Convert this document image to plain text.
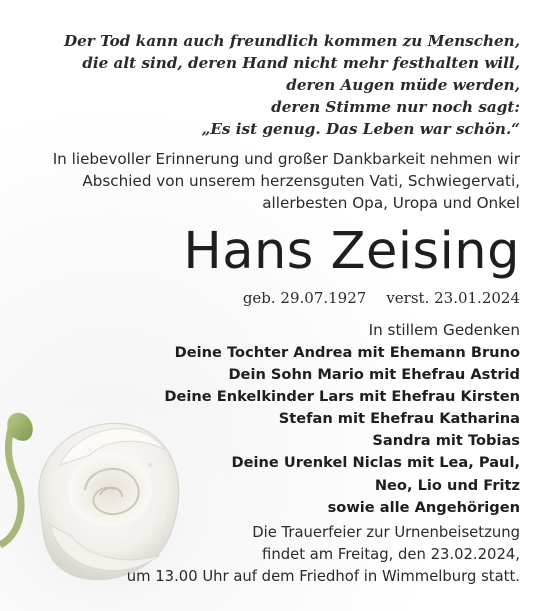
Der Tod kann auch freundlich kommen zu Menschen,
die alt sind, deren Hand nicht mehr festhalten will,
deren Augen müde werden,
deren Stimme nur noch sagt:
„Es ist genug. Das Leben war schön.“
In liebevoller Erinnerung und großer Dankbarkeit nehmen wir
Abschied von unserem herzensguten Vati, Schwiegervati,
allerbesten Opa, Uropa und Onkel
Hans Zeising
geb. 29.07.1927 verst. 23.01.2024
In stillem Gedenken
Deine Tochter Andrea mit Ehemann Bruno
Dein Sohn Mario mit Ehefrau Astrid
Deine Enkelkinder Lars mit Ehefrau Kirsten
Stefan mit Ehefrau Katharina
Sandra mit Tobias
Deine Urenkel Niclas mit Lea, Paul,
Neo, Lio und Fritz
sowie alle Angehörigen
Die Trauerfeier zur Urnenbeisetzung
findet am Freitag, den 23.02.2024,
um 13.00 Uhr auf dem Friedhof in Wimmelburg statt.
